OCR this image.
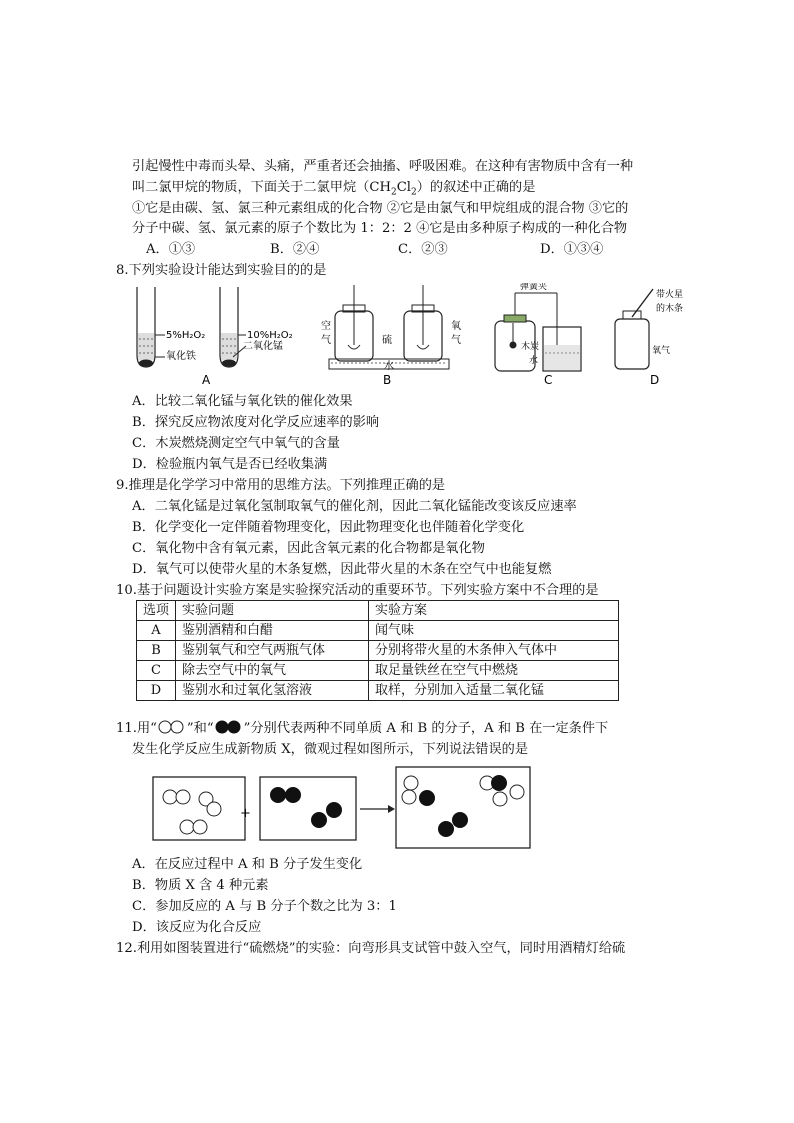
引起慢性中毒而头晕、头痛，严重者还会抽搐、呼吸困难。在这种有害物质中含有一种
叫二氯甲烷的物质，下面关于二氯甲烷$(CH_2Cl_2)$的叙述中正确的是
①它是由碳、氢、氯三种元素组成的化合物 ②它是由氯气和甲烷组成的混合物 ③它的
分子中碳、氢、氯元素的原子个数比为 1：2：2 ④它是由多种原子构成的一种化合物
A．①③	B．②④	C．②③	D．①③④
8.下列实验设计能达到实验目的的是
5%H₂O₂
氧化铁
10%H₂O₂
二氧化锰
A
空
气	硫
氧
气
水
B
弹簧夹
木炭
水
C
带火星
的木条
氧气
D
A．比较二氧化锰与氧化铁的催化效果
B．探究反应物浓度对化学反应速率的影响
C．木炭燃烧测定空气中氧气的含量
D．检验瓶内氧气是否已经收集满
9.推理是化学学习中常用的思维方法。下列推理正确的是
A．二氧化锰是过氧化氢制取氧气的催化剂，因此二氧化锰能改变该反应速率
B．化学变化一定伴随着物理变化，因此物理变化也伴随着化学变化
C．氧化物中含有氧元素，因此含氧元素的化合物都是氧化物
D．氧气可以使带火星的木条复燃，因此带火星的木条在空气中也能复燃
10.基于问题设计实验方案是实验探究活动的重要环节。下列实验方案中不合理的是
选项	实验问题	实验方案
A	鉴别酒精和白醋	闻气味
B	鉴别氧气和空气两瓶气体	分别将带火星的木条伸入气体中
C	除去空气中的氧气	取足量铁丝在空气中燃烧
D	鉴别水和过氧化氢溶液	取样，分别加入适量二氧化锰
11.用“ ”和“ ”分别代表两种不同单质 A 和 B 的分子，A 和 B 在一定条件下
发生化学反应生成新物质 X，微观过程如图所示，下列说法错误的是
+
A．在反应过程中 A 和 B 分子发生变化
B．物质 X 含 4 种元素
C．参加反应的 A 与 B 分子个数之比为 3：1
D．该反应为化合反应
12.利用如图装置进行“硫燃烧”的实验：向弯形具支试管中鼓入空气，同时用酒精灯给硫
